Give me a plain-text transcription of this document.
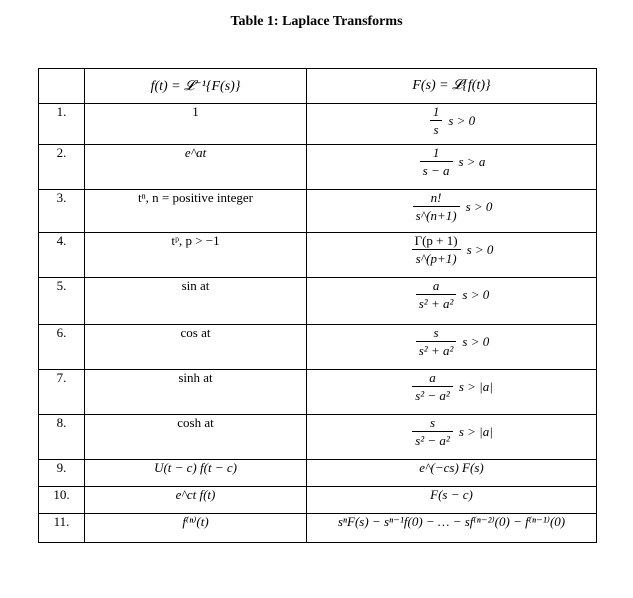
Table 1: Laplace Transforms
	f(t) = 𝓛⁻¹{F(s)}	F(s) = 𝓛{f(t)}
1.	1	$\frac{1}{s}$ s > 0
2.	e^at	$\frac{1}{s - a}$ s > a
3.	tⁿ, n = positive integer	$\frac{n!}{s\^{}(n+1)}$ s > 0
4.	tᵖ, p > −1	$\frac{\Gamma(p + 1)}{s\^{}(p+1)}$ s > 0
5.	sin at	$\frac{a}{\text{s² + a²}}$ s > 0
6.	cos at	$\frac{s}{\text{s² + a²}}$ s > 0
7.	sinh at	$\frac{a}{\text{s² − a²}}$ s > |a|
8.	cosh at	$\frac{s}{\text{s² − a²}}$ s > |a|
9.	U(t − c) f(t − c)	e^(−cs) F(s)
10.	e^ct f(t)	F(s − c)
11.	f⁽ⁿ⁾(t)	sⁿF(s) − sⁿ⁻¹f(0) − … − sf⁽ⁿ⁻²⁾(0) − f⁽ⁿ⁻¹⁾(0)
